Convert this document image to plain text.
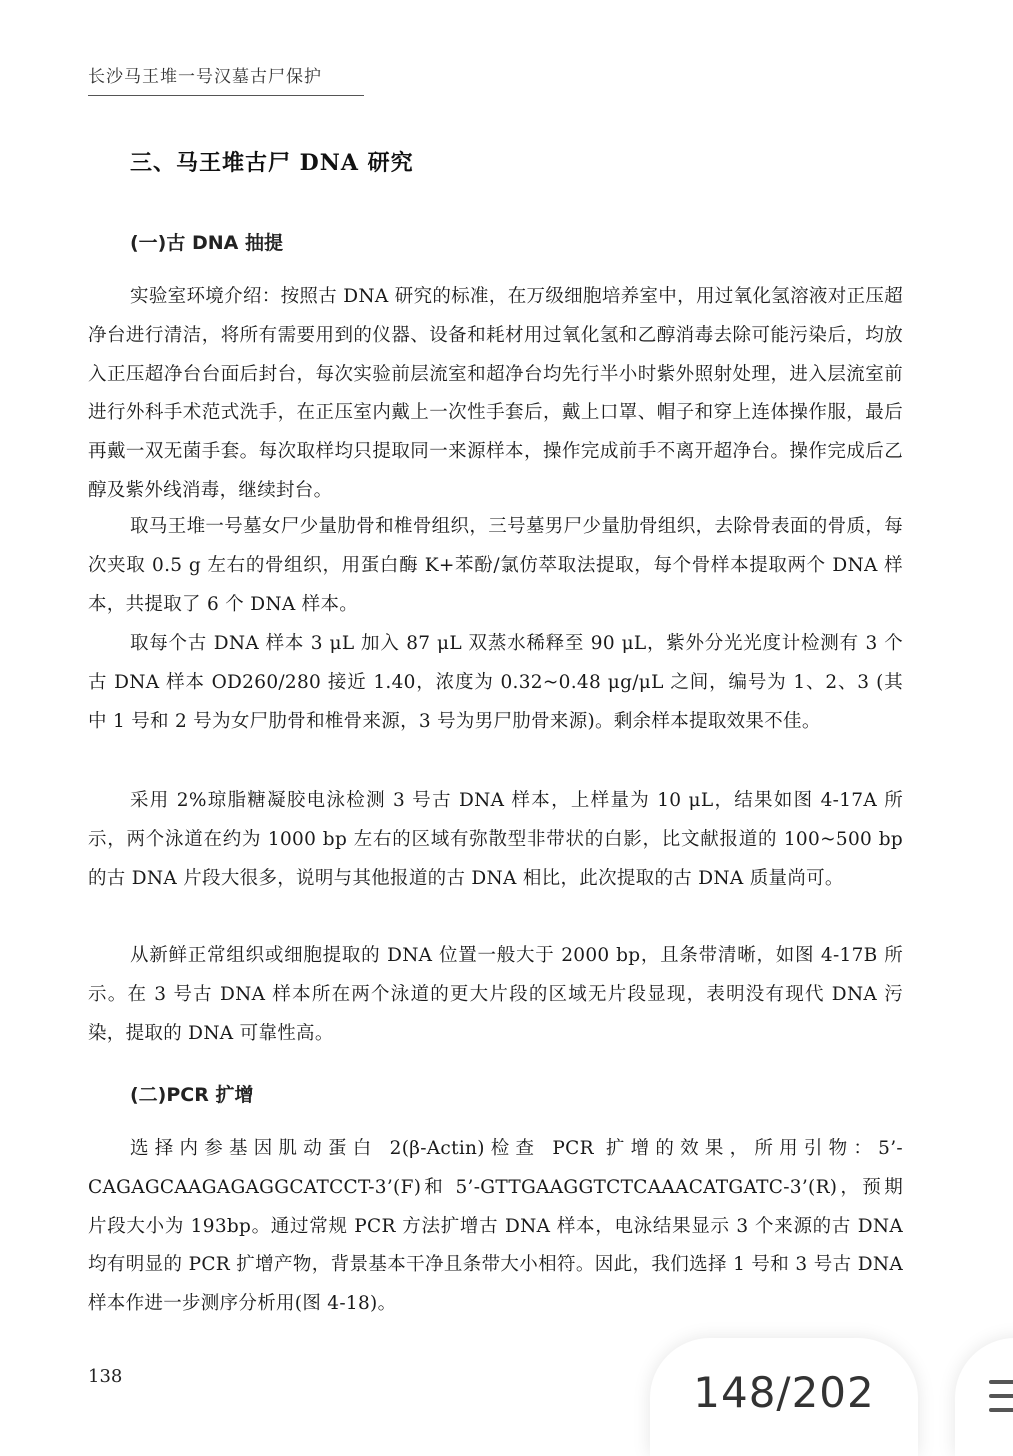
长沙马王堆一号汉墓古尸保护
三、马王堆古尸 DNA 研究
(一)古 DNA 抽提

实验室环境介绍：按照古 DNA 研究的标准，在万级细胞培养室中，用过氧化氢溶液对正压超净台进行清洁，将所有需要用到的仪器、设备和耗材用过氧化氢和乙醇消毒去除可能污染后，均放入正压超净台台面后封台，每次实验前层流室和超净台均先行半小时紫外照射处理，进入层流室前进行外科手术范式洗手，在正压室内戴上一次性手套后，戴上口罩、帽子和穿上连体操作服，最后再戴一双无菌手套。每次取样均只提取同一来源样本，操作完成前手不离开超净台。操作完成后乙醇及紫外线消毒，继续封台。

取马王堆一号墓女尸少量肋骨和椎骨组织，三号墓男尸少量肋骨组织，去除骨表面的骨质，每次夹取 0.5 g 左右的骨组织，用蛋白酶 K+苯酚/氯仿萃取法提取，每个骨样本提取两个 DNA 样本，共提取了 6 个 DNA 样本。

取每个古 DNA 样本 3 μL 加入 87 μL 双蒸水稀释至 90 μL，紫外分光光度计检测有 3 个古 DNA 样本 OD260/280 接近 1.40，浓度为 0.32~0.48 μg/μL 之间，编号为 1、2、3 (其中 1 号和 2 号为女尸肋骨和椎骨来源，3 号为男尸肋骨来源)。剩余样本提取效果不佳。

采用 2%琼脂糖凝胶电泳检测 3 号古 DNA 样本，上样量为 10 μL，结果如图 4-17A 所示，两个泳道在约为 1000 bp 左右的区域有弥散型非带状的白影，比文献报道的 100~500 bp 的古 DNA 片段大很多，说明与其他报道的古 DNA 相比，此次提取的古 DNA 质量尚可。

从新鲜正常组织或细胞提取的 DNA 位置一般大于 2000 bp，且条带清晰，如图 4-17B 所示。在 3 号古 DNA 样本所在两个泳道的更大片段的区域无片段显现，表明没有现代 DNA 污染，提取的 DNA 可靠性高。

(二)PCR 扩增

选择内参基因肌动蛋白 2(β-Actin)检查 PCR 扩增的效果，所用引物：5’-CAGAGCAAGAGAGGCATCCT-3’(F)和 5’-GTTGAAGGTCTCAAACATGATC-3’(R)，预期片段大小为 193bp。通过常规 PCR 方法扩增古 DNA 样本，电泳结果显示 3 个来源的古 DNA 均有明显的 PCR 扩增产物，背景基本干净且条带大小相符。因此，我们选择 1 号和 3 号古 DNA 样本作进一步测序分析用(图 4-18)。

138	148/202
